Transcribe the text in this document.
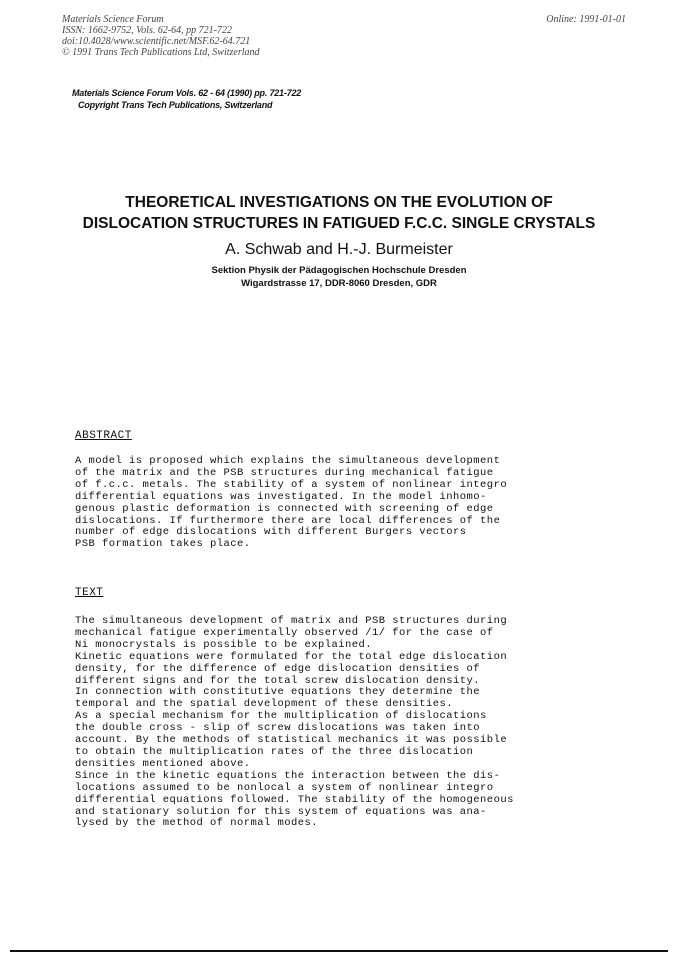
Materials Science Forum
ISSN: 1662-9752, Vols. 62-64, pp 721-722
doi:10.4028/www.scientific.net/MSF.62-64.721
© 1991 Trans Tech Publications Ltd, Switzerland
Online: 1991-01-01
Materials Science Forum Vols. 62 - 64 (1990) pp. 721-722
Copyright Trans Tech Publications, Switzerland
THEORETICAL INVESTIGATIONS ON THE EVOLUTION OF
DISLOCATION STRUCTURES IN FATIGUED F.C.C. SINGLE CRYSTALS
A. Schwab and H.-J. Burmeister
Sektion Physik der Pädagogischen Hochschule Dresden
Wigardstrasse 17, DDR-8060 Dresden, GDR
ABSTRACT
A model is proposed which explains the simultaneous development
of the matrix and the PSB structures during mechanical fatigue
of f.c.c. metals. The stability of a system of nonlinear integro
differential equations was investigated. In the model inhomo-
genous plastic deformation is connected with screening of edge
dislocations. If furthermore there are local differences of the
number of edge dislocations with different Burgers vectors
PSB formation takes place.
TEXT
The simultaneous development of matrix and PSB structures during
mechanical fatigue experimentally observed /1/ for the case of
Ni monocrystals is possible to be explained.
Kinetic equations were formulated for the total edge dislocation
density, for the difference of edge dislocation densities of
different signs and for the total screw dislocation density.
In connection with constitutive equations they determine the
temporal and the spatial development of these densities.
As a special mechanism for the multiplication of dislocations
the double cross - slip of screw dislocations was taken into
account. By the methods of statistical mechanics it was possible
to obtain the multiplication rates of the three dislocation
densities mentioned above.
Since in the kinetic equations the interaction between the dis-
locations assumed to be nonlocal a system of nonlinear integro
differential equations followed. The stability of the homogeneous
and stationary solution for this system of equations was ana-
lysed by the method of normal modes.
